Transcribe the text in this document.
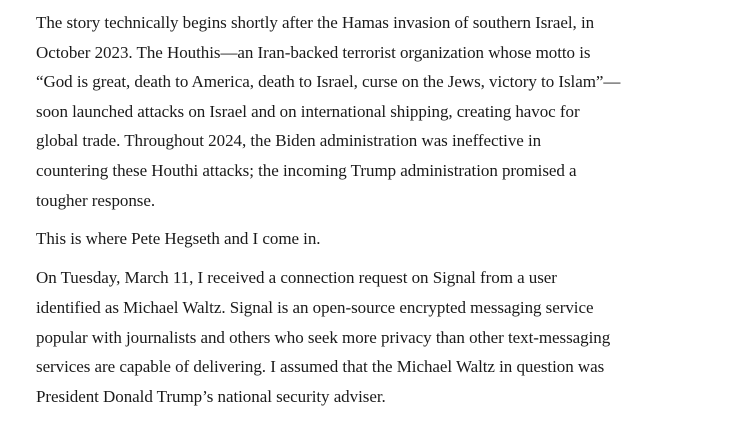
The story technically begins shortly after the Hamas invasion of southern Israel, in
October 2023. The Houthis—an Iran-backed terrorist organization whose motto is
“God is great, death to America, death to Israel, curse on the Jews, victory to Islam”—
soon launched attacks on Israel and on international shipping, creating havoc for
global trade. Throughout 2024, the Biden administration was ineffective in
countering these Houthi attacks; the incoming Trump administration promised a
tougher response.

This is where Pete Hegseth and I come in.

On Tuesday, March 11, I received a connection request on Signal from a user
identified as Michael Waltz. Signal is an open-source encrypted messaging service
popular with journalists and others who seek more privacy than other text-messaging
services are capable of delivering. I assumed that the Michael Waltz in question was
President Donald Trump’s national security adviser.
